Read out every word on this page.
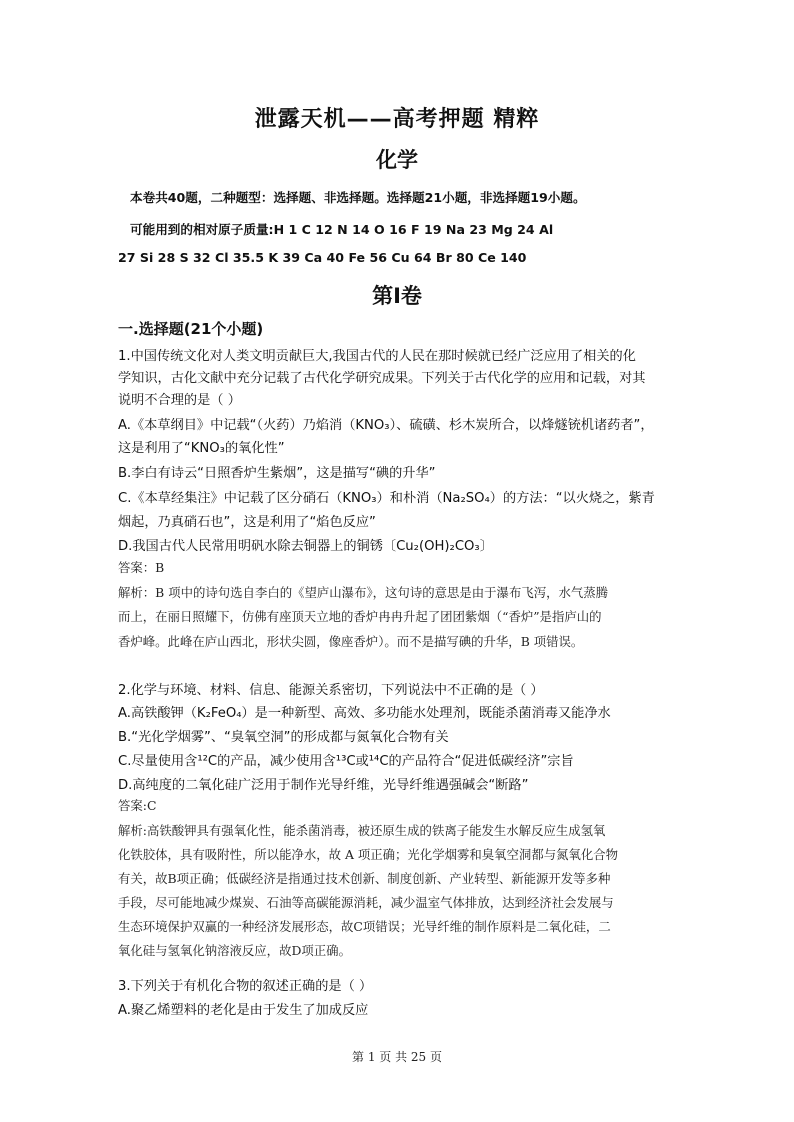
泄露天机——高考押题 精粹
化学
本卷共40题，二种题型：选择题、非选择题。选择题21小题，非选择题19小题。
可能用到的相对原子质量:H 1 C 12 N 14 O 16 F 19 Na 23 Mg 24 Al
27 Si 28 S 32 Cl 35.5 K 39 Ca 40 Fe 56 Cu 64 Br 80 Ce 140
第Ⅰ卷
一.选择题(21个小题)
1.中国传统文化对人类文明贡献巨大,我国古代的人民在那时候就已经广泛应用了相关的化
学知识，古化文献中充分记载了古代化学研究成果。下列关于古代化学的应用和记载，对其
说明不合理的是（ ）
A.《本草纲目》中记载“（火药）乃焰消（KNO₃）、硫磺、杉木炭所合，以烽燧铳机诸药者”，
这是利用了“KNO₃的氧化性”
B.李白有诗云“日照香炉生紫烟”，这是描写“碘的升华”
C.《本草经集注》中记载了区分硝石（KNO₃）和朴消（Na₂SO₄）的方法：“以火烧之，紫青
烟起，乃真硝石也”，这是利用了“焰色反应”
D.我国古代人民常用明矾水除去铜器上的铜锈〔Cu₂(OH)₂CO₃〕
答案：B
解析：B 项中的诗句选自李白的《望庐山瀑布》，这句诗的意思是由于瀑布飞泻，水气蒸腾
而上，在丽日照耀下，仿佛有座顶天立地的香炉冉冉升起了团团紫烟（“香炉”是指庐山的
香炉峰。此峰在庐山西北，形状尖圆，像座香炉）。而不是描写碘的升华，B 项错误。
2.化学与环境、材料、信息、能源关系密切，下列说法中不正确的是（ ）
A.高铁酸钾（K₂FeO₄）是一种新型、高效、多功能水处理剂，既能杀菌消毒又能净水
B.“光化学烟雾”、“臭氧空洞”的形成都与氮氧化合物有关
C.尽量使用含¹²C的产品，减少使用含¹³C或¹⁴C的产品符合“促进低碳经济”宗旨
D.高纯度的二氧化硅广泛用于制作光导纤维，光导纤维遇强碱会“断路”
答案:C
解析:高铁酸钾具有强氧化性，能杀菌消毒，被还原生成的铁离子能发生水解反应生成氢氧
化铁胶体，具有吸附性，所以能净水，故 A 项正确；光化学烟雾和臭氧空洞都与氮氧化合物
有关，故B项正确；低碳经济是指通过技术创新、制度创新、产业转型、新能源开发等多种
手段，尽可能地减少煤炭、石油等高碳能源消耗，减少温室气体排放，达到经济社会发展与
生态环境保护双赢的一种经济发展形态，故C项错误；光导纤维的制作原料是二氧化硅，二
氧化硅与氢氧化钠溶液反应，故D项正确。
3.下列关于有机化合物的叙述正确的是（ ）
A.聚乙烯塑料的老化是由于发生了加成反应
第 1 页 共 25 页
